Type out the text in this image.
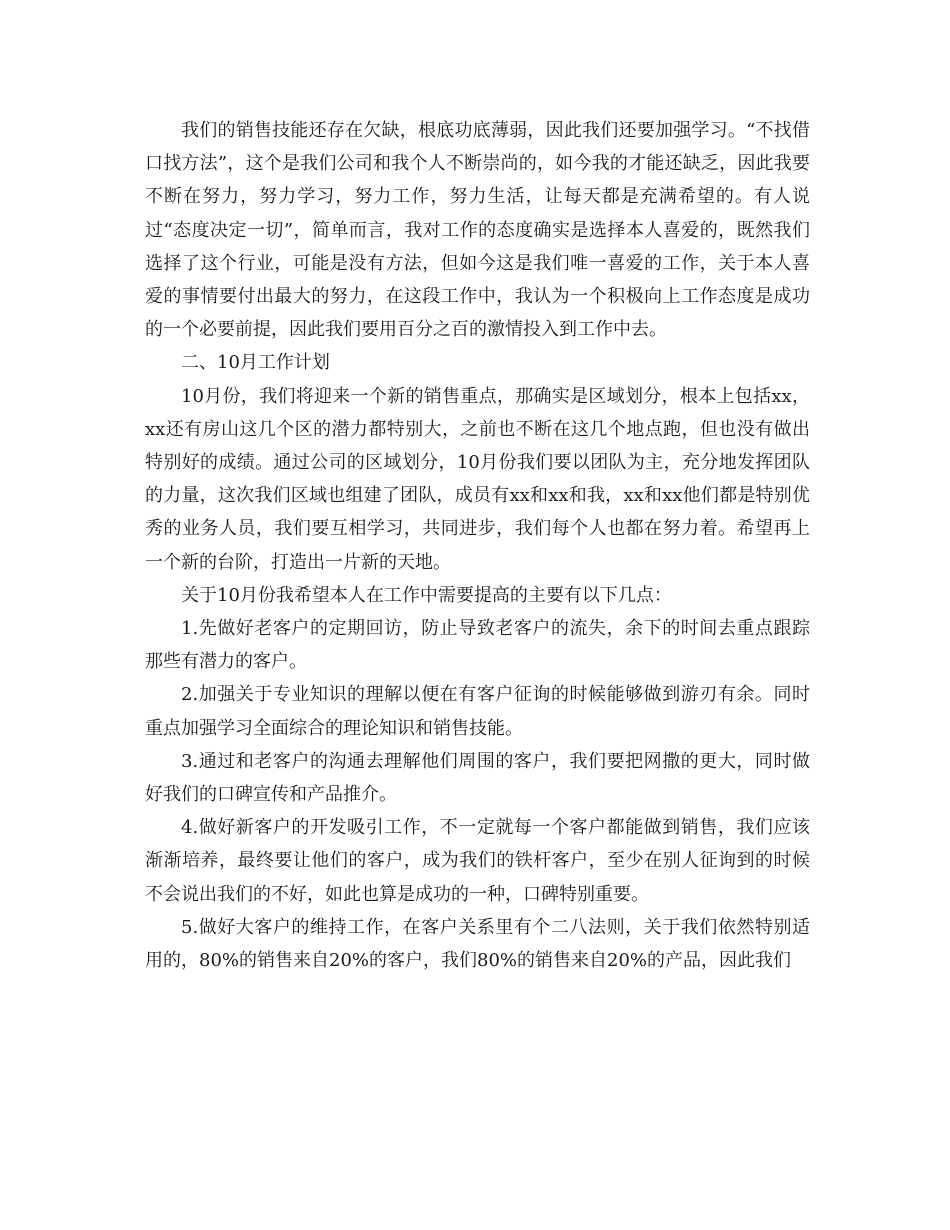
我们的销售技能还存在欠缺，根底功底薄弱，因此我们还要加强学习。“不找借口找方法”，这个是我们公司和我个人不断崇尚的，如今我的才能还缺乏，因此我要不断在努力，努力学习，努力工作，努力生活，让每天都是充满希望的。有人说过“态度决定一切”，简单而言，我对工作的态度确实是选择本人喜爱的，既然我们选择了这个行业，可能是没有方法，但如今这是我们唯一喜爱的工作，关于本人喜爱的事情要付出最大的努力，在这段工作中，我认为一个积极向上工作态度是成功的一个必要前提，因此我们要用百分之百的激情投入到工作中去。

二、10月工作计划

10月份，我们将迎来一个新的销售重点，那确实是区域划分，根本上包括xx，xx还有房山这几个区的潜力都特别大，之前也不断在这几个地点跑，但也没有做出特别好的成绩。通过公司的区域划分，10月份我们要以团队为主，充分地发挥团队的力量，这次我们区域也组建了团队，成员有xx和xx和我，xx和xx他们都是特别优秀的业务人员，我们要互相学习，共同进步，我们每个人也都在努力着。希望再上一个新的台阶，打造出一片新的天地。

关于10月份我希望本人在工作中需要提高的主要有以下几点：

1.先做好老客户的定期回访，防止导致老客户的流失，余下的时间去重点跟踪那些有潜力的客户。

2.加强关于专业知识的理解以便在有客户征询的时候能够做到游刃有余。同时重点加强学习全面综合的理论知识和销售技能。

3.通过和老客户的沟通去理解他们周围的客户，我们要把网撒的更大，同时做好我们的口碑宣传和产品推介。

4.做好新客户的开发吸引工作，不一定就每一个客户都能做到销售，我们应该渐渐培养，最终要让他们的客户，成为我们的铁杆客户，至少在别人征询到的时候不会说出我们的不好，如此也算是成功的一种，口碑特别重要。

5.做好大客户的维持工作，在客户关系里有个二八法则，关于我们依然特别适用的，80%的销售来自20%的客户，我们80%的销售来自20%的产品，因此我们
